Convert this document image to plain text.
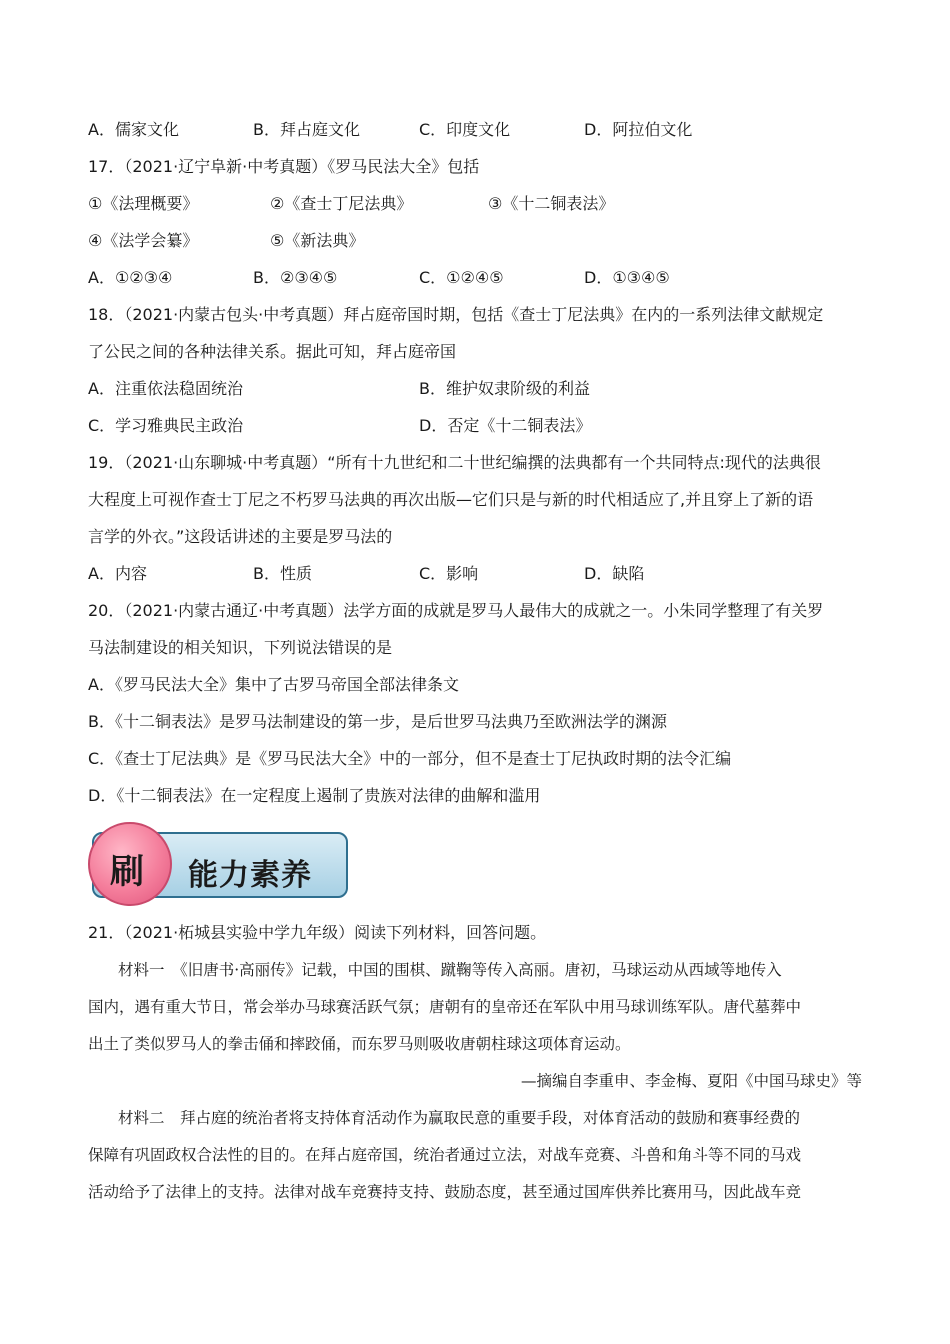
A．儒家文化	B．拜占庭文化	C．印度文化	D．阿拉伯文化
17．（2021·辽宁阜新·中考真题）《罗马民法大全》包括
①《法理概要》	②《查士丁尼法典》	③《十二铜表法》
④《法学会纂》	⑤《新法典》
A．①②③④	B．②③④⑤	C．①②④⑤	D．①③④⑤
18．（2021·内蒙古包头·中考真题）拜占庭帝国时期，包括《查士丁尼法典》在内的一系列法律文献规定
了公民之间的各种法律关系。据此可知，拜占庭帝国
A．注重依法稳固统治	B．维护奴隶阶级的利益
C．学习雅典民主政治	D．否定《十二铜表法》
19．（2021·山东聊城·中考真题）“所有十九世纪和二十世纪编撰的法典都有一个共同特点:现代的法典很
大程度上可视作查士丁尼之不朽罗马法典的再次出版—它们只是与新的时代相适应了,并且穿上了新的语
言学的外衣。”这段话讲述的主要是罗马法的
A．内容	B．性质	C．影响	D．缺陷
20．（2021·内蒙古通辽·中考真题）法学方面的成就是罗马人最伟大的成就之一。小朱同学整理了有关罗
马法制建设的相关知识，下列说法错误的是
A．《罗马民法大全》集中了古罗马帝国全部法律条文
B．《十二铜表法》是罗马法制建设的第一步，是后世罗马法典乃至欧洲法学的渊源
C．《查士丁尼法典》是《罗马民法大全》中的一部分，但不是查士丁尼执政时期的法令汇编
D．《十二铜表法》在一定程度上遏制了贵族对法律的曲解和滥用
刷 能力素养
21．（2021·柘城县实验中学九年级）阅读下列材料，回答问题。
材料一　《旧唐书·高丽传》记载，中国的围棋、蹴鞠等传入高丽。唐初，马球运动从西域等地传入
国内，遇有重大节日，常会举办马球赛活跃气氛；唐朝有的皇帝还在军队中用马球训练军队。唐代墓葬中
出土了类似罗马人的拳击俑和摔跤俑，而东罗马则吸收唐朝柱球这项体育运动。
—摘编自李重申、李金梅、夏阳《中国马球史》等
材料二　拜占庭的统治者将支持体育活动作为赢取民意的重要手段，对体育活动的鼓励和赛事经费的
保障有巩固政权合法性的目的。在拜占庭帝国，统治者通过立法，对战车竞赛、斗兽和角斗等不同的马戏
活动给予了法律上的支持。法律对战车竞赛持支持、鼓励态度，甚至通过国库供养比赛用马，因此战车竞
